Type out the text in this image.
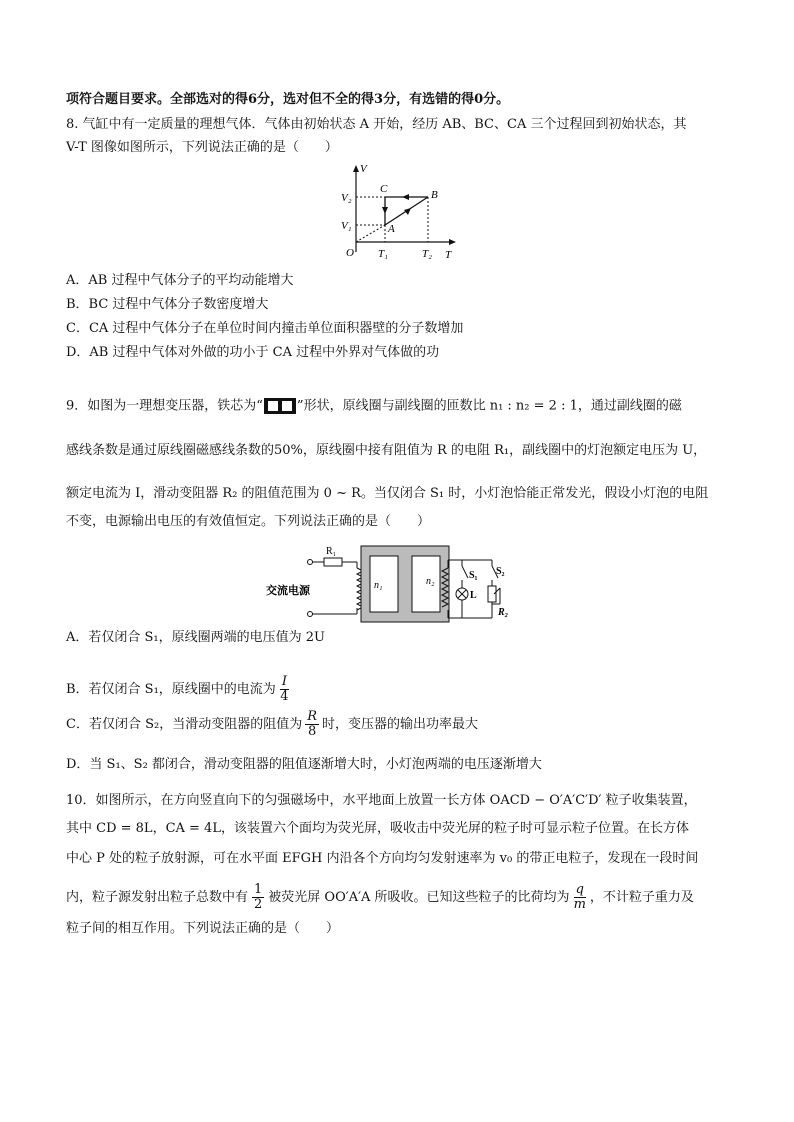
项符合题目要求。全部选对的得6分，选对但不全的得3分，有选错的得0分。
8. 气缸中有一定质量的理想气体．气体由初始状态 A 开始，经历 AB、BC、CA 三个过程回到初始状态，其
V-T 图像如图所示，下列说法正确的是（　　）
V
T
O
V₂
V₁
T₁	T₂
A
B
C
A．AB 过程中气体分子的平均动能增大
B．BC 过程中气体分子数密度增大
C．CA 过程中气体分子在单位时间内撞击单位面积器壁的分子数增加
D．AB 过程中气体对外做的功小于 CA 过程中外界对气体做的功
9．如图为一理想变压器，铁芯为“	”形状，原线圈与副线圈的匝数比 n₁ : n₂ = 2 : 1，通过副线圈的磁
感线条数是通过原线圈磁感线条数的50%，原线圈中接有阻值为 R 的电阻 R₁，副线圈中的灯泡额定电压为 U，
额定电流为 I，滑动变阻器 R₂ 的阻值范围为 0 ~ R。当仅闭合 S₁ 时，小灯泡恰能正常发光，假设小灯泡的电阻
不变，电源输出电压的有效值恒定。下列说法正确的是（　　）
交流电源
R₁
n₁	n₂
S₁
L
S₂
R₂
A．若仅闭合 S₁，原线圈两端的电压值为 2U
B．若仅闭合 S₁，原线圈中的电流为 $\frac{I}{4}$
C．若仅闭合 S₂，当滑动变阻器的阻值为 $\frac{R}{8}$ 时，变压器的输出功率最大
D．当 S₁、S₂ 都闭合，滑动变阻器的阻值逐渐增大时，小灯泡两端的电压逐渐增大
10．如图所示，在方向竖直向下的匀强磁场中，水平地面上放置一长方体 OACD − O′A′C′D′ 粒子收集装置，
其中 CD = 8L，CA = 4L，该装置六个面均为荧光屏，吸收击中荧光屏的粒子时可显示粒子位置。在长方体
中心 P 处的粒子放射源，可在水平面 EFGH 内沿各个方向均匀发射速率为 v₀ 的带正电粒子，发现在一段时间
内，粒子源发射出粒子总数中有 $\frac{1}{2}$ 被荧光屏 OO′A′A 所吸收。已知这些粒子的比荷均为 $\frac{q}{m}$ ，不计粒子重力及
粒子间的相互作用。下列说法正确的是（　　）
